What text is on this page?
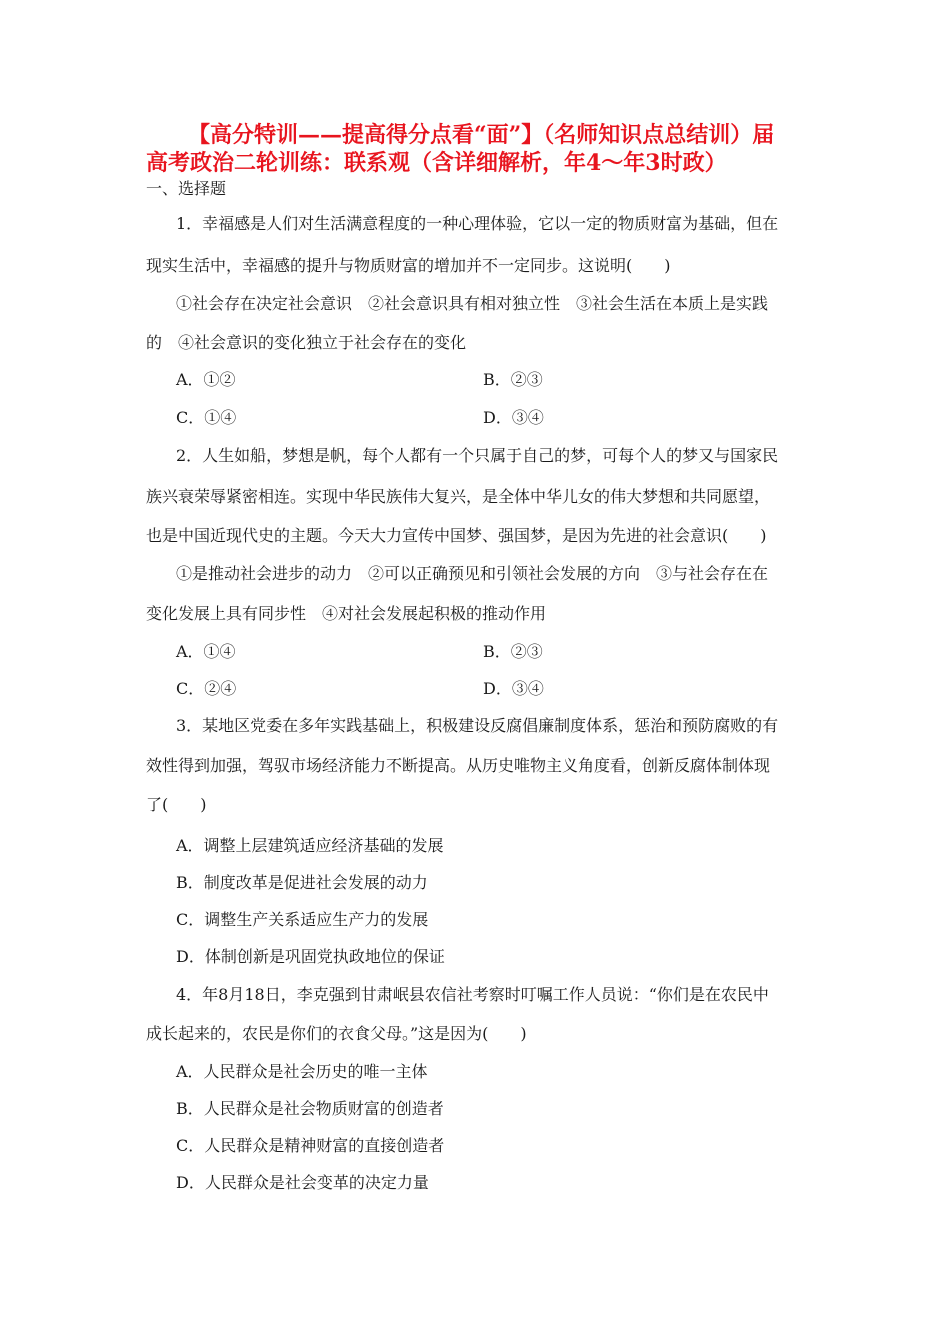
【高分特训——提高得分点看“面”】（名师知识点总结训）届
高考政治二轮训练：联系观（含详细解析，年4～年3时政）
一、选择题
1．幸福感是人们对生活满意程度的一种心理体验，它以一定的物质财富为基础，但在
现实生活中，幸福感的提升与物质财富的增加并不一定同步。这说明(　　)
①社会存在决定社会意识　②社会意识具有相对独立性　③社会生活在本质上是实践
的　④社会意识的变化独立于社会存在的变化
A．①②	B．②③
C．①④	D．③④
2．人生如船，梦想是帆，每个人都有一个只属于自己的梦，可每个人的梦又与国家民
族兴衰荣辱紧密相连。实现中华民族伟大复兴，是全体中华儿女的伟大梦想和共同愿望，
也是中国近现代史的主题。今天大力宣传中国梦、强国梦，是因为先进的社会意识(　　)
①是推动社会进步的动力　②可以正确预见和引领社会发展的方向　③与社会存在在
变化发展上具有同步性　④对社会发展起积极的推动作用
A．①④	B．②③
C．②④	D．③④
3．某地区党委在多年实践基础上，积极建设反腐倡廉制度体系，惩治和预防腐败的有
效性得到加强，驾驭市场经济能力不断提高。从历史唯物主义角度看，创新反腐体制体现
了(　　)
A．调整上层建筑适应经济基础的发展
B．制度改革是促进社会发展的动力
C．调整生产关系适应生产力的发展
D．体制创新是巩固党执政地位的保证
4．年8月18日，李克强到甘肃岷县农信社考察时叮嘱工作人员说：“你们是在农民中
成长起来的，农民是你们的衣食父母。”这是因为(　　)
A．人民群众是社会历史的唯一主体
B．人民群众是社会物质财富的创造者
C．人民群众是精神财富的直接创造者
D．人民群众是社会变革的决定力量
